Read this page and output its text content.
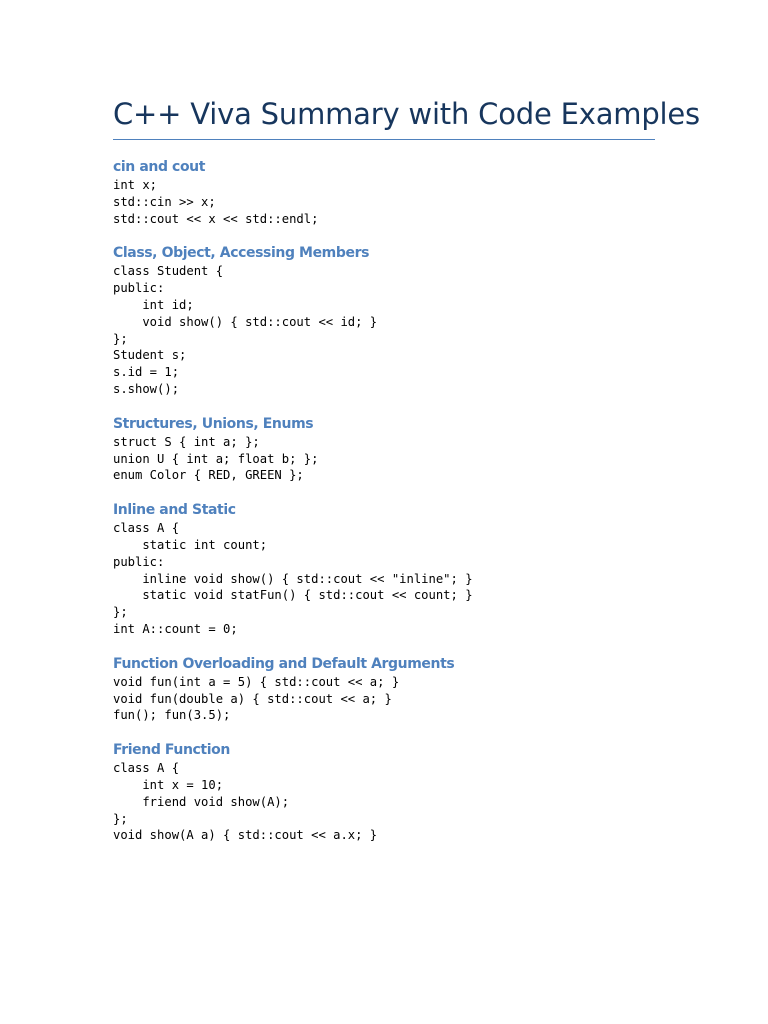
C++ Viva Summary with Code Examples
cin and cout
int x;
std::cin >> x;
std::cout << x << std::endl;
Class, Object, Accessing Members
class Student {
public:
int id;
void show() { std::cout << id; }
};
Student s;
s.id = 1;
s.show();
Structures, Unions, Enums
struct S { int a; };
union U { int a; float b; };
enum Color { RED, GREEN };
Inline and Static
class A {
static int count;
public:
inline void show() { std::cout << "inline"; }
static void statFun() { std::cout << count; }
};
int A::count = 0;
Function Overloading and Default Arguments
void fun(int a = 5) { std::cout << a; }
void fun(double a) { std::cout << a; }
fun(); fun(3.5);
Friend Function
class A {
int x = 10;
friend void show(A);
};
void show(A a) { std::cout << a.x; }
